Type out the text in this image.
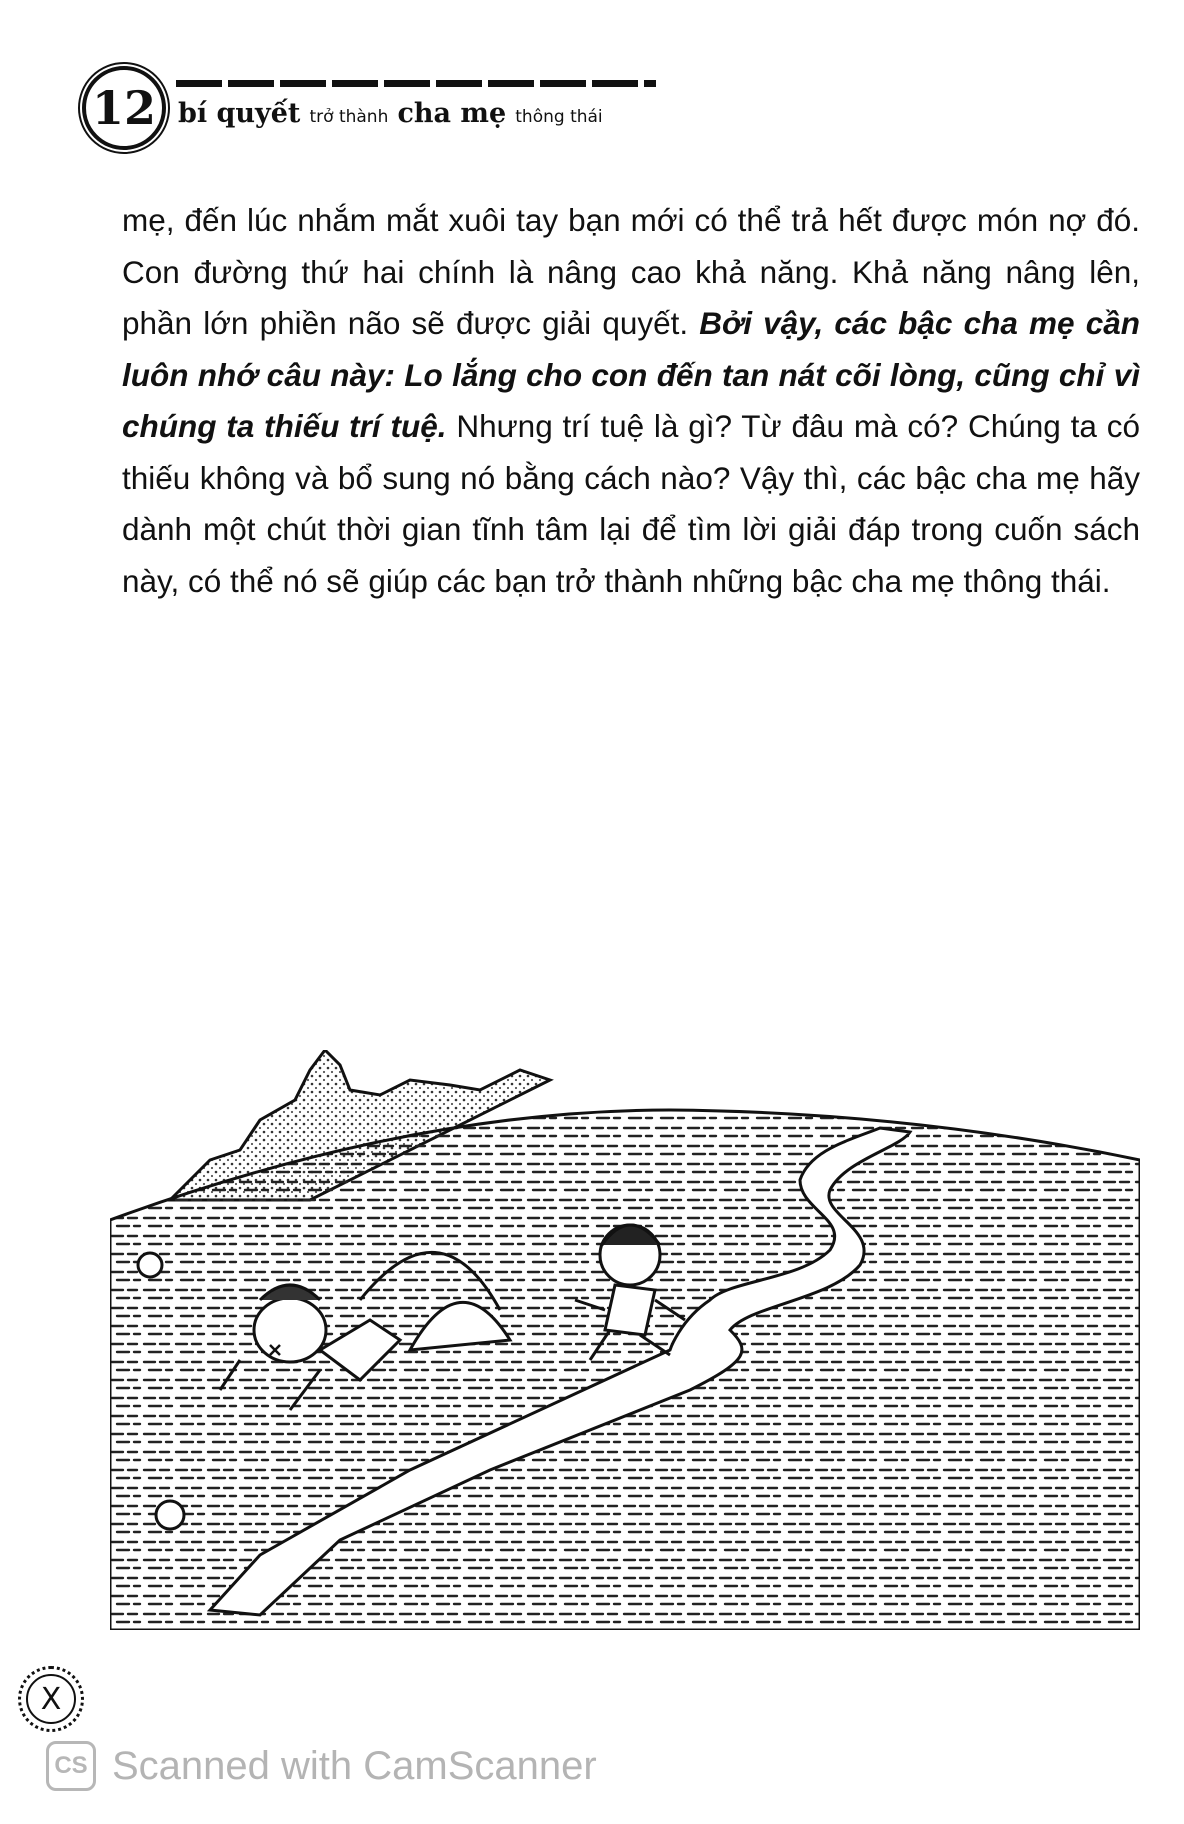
12 bí quyết trở thành cha mẹ thông thái
mẹ, đến lúc nhắm mắt xuôi tay bạn mới có thể trả hết được món nợ đó. Con đường thứ hai chính là nâng cao khả năng. Khả năng nâng lên, phần lớn phiền não sẽ được giải quyết. Bởi vậy, các bậc cha mẹ cần luôn nhớ câu này: Lo lắng cho con đến tan nát cõi lòng, cũng chỉ vì chúng ta thiếu trí tuệ. Nhưng trí tuệ là gì? Từ đâu mà có? Chúng ta có thiếu không và bổ sung nó bằng cách nào? Vậy thì, các bậc cha mẹ hãy dành một chút thời gian tĩnh tâm lại để tìm lời giải đáp trong cuốn sách này, có thể nó sẽ giúp các bạn trở thành những bậc cha mẹ thông thái.
X
CS Scanned with CamScanner
